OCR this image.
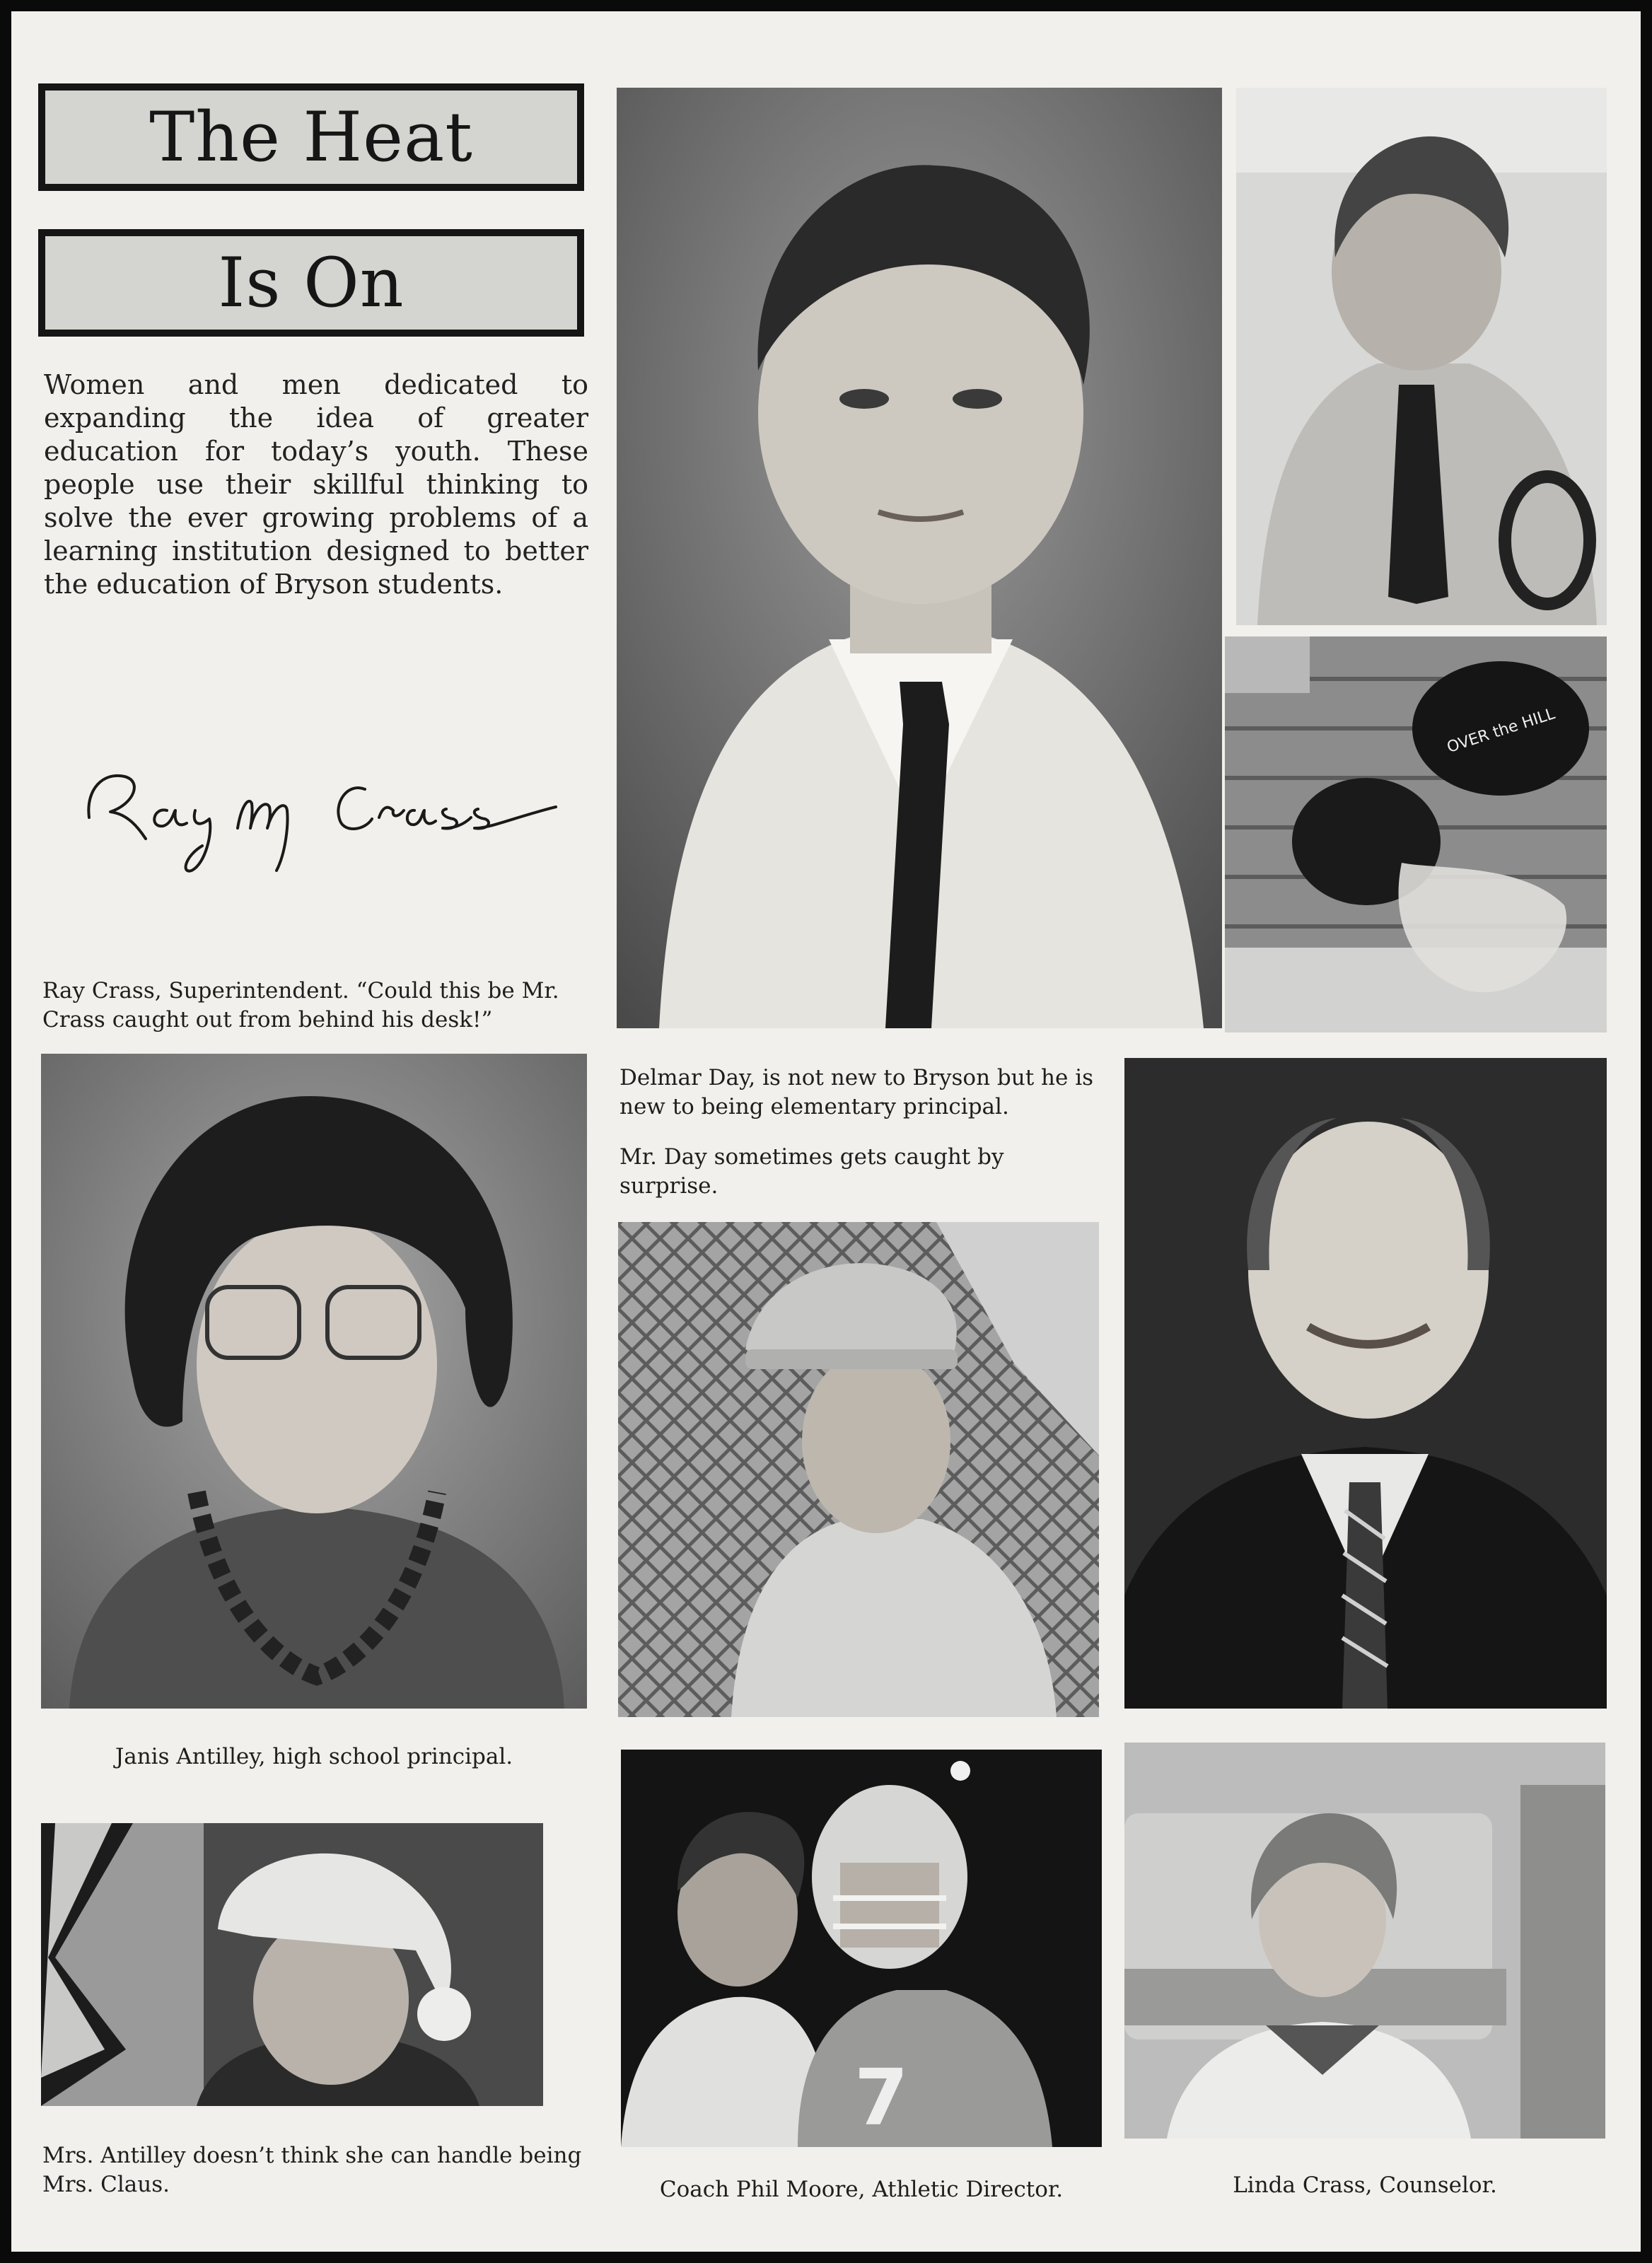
The Heat
Is On
Women and men dedicated to expanding the idea of greater education for today’s youth. These people use their skillful thinking to solve the ever growing problems of a learning institution designed to better the education of Bryson students.
Ray Crass, Superintendent. “Could this be Mr. Crass caught out from behind his desk!”
OVER the HILL
Delmar Day, is not new to Bryson but he is new to being elementary principal.
Mr. Day sometimes gets caught by surprise.
Janis Antilley, high school principal.
Mrs. Antilley doesn’t think she can handle being Mrs. Claus.
7
Coach Phil Moore, Athletic Director.	Linda Crass, Counselor.
